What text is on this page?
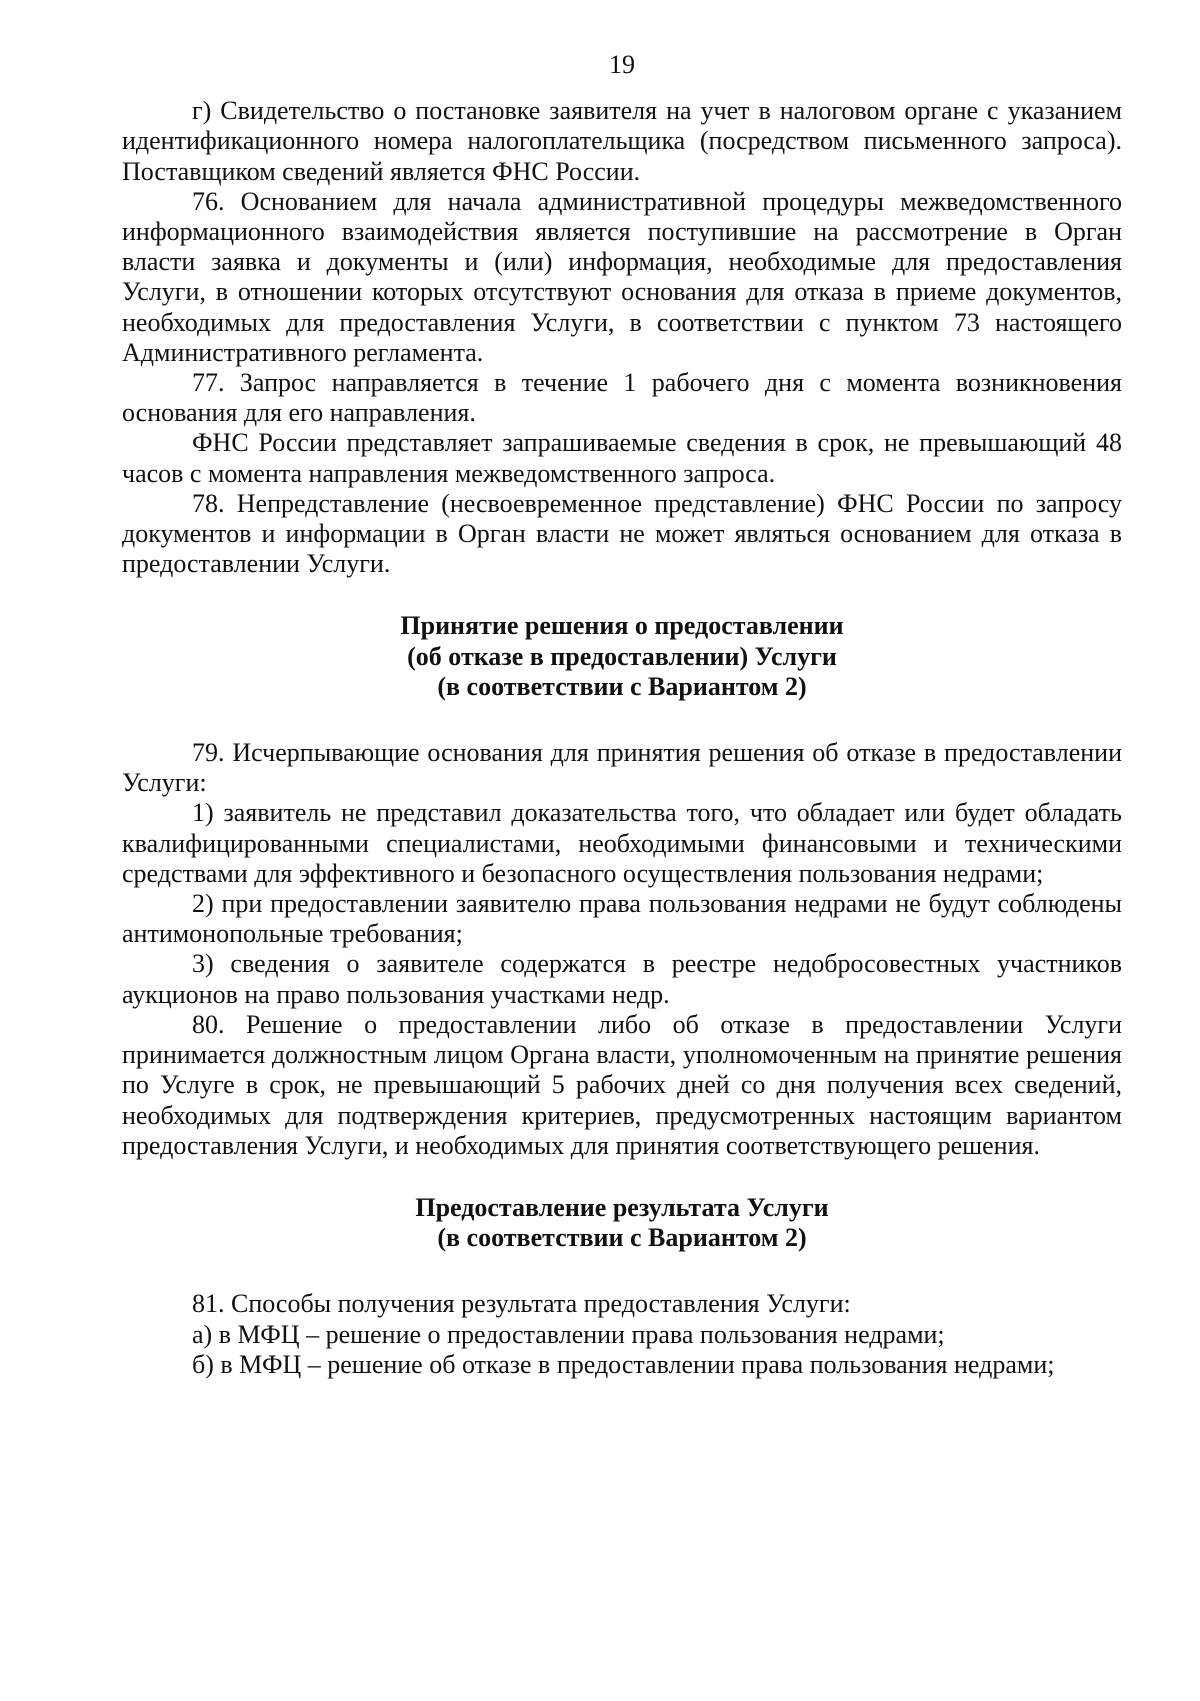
19

г) Свидетельство о постановке заявителя на учет в налоговом органе с указанием идентификационного номера налогоплательщика (посредством письменного запроса). Поставщиком сведений является ФНС России.

76. Основанием для начала административной процедуры межведомственного информационного взаимодействия является поступившие на рассмотрение в Орган власти заявка и документы и (или) информация, необходимые для предоставления Услуги, в отношении которых отсутствуют основания для отказа в приеме документов, необходимых для предоставления Услуги, в соответствии с пунктом 73 настоящего Административного регламента.

77. Запрос направляется в течение 1 рабочего дня с момента возникновения основания для его направления.

ФНС России представляет запрашиваемые сведения в срок, не превышающий 48 часов с момента направления межведомственного запроса.

78. Непредставление (несвоевременное представление) ФНС России по запросу документов и информации в Орган власти не может являться основанием для отказа в предоставлении Услуги.

Принятие решения о предоставлении
(об отказе в предоставлении) Услуги
(в соответствии с Вариантом 2)

79. Исчерпывающие основания для принятия решения об отказе в предоставлении Услуги:

1) заявитель не представил доказательства того, что обладает или будет обладать квалифицированными специалистами, необходимыми финансовыми и техническими средствами для эффективного и безопасного осуществления пользования недрами;

2) при предоставлении заявителю права пользования недрами не будут соблюдены антимонопольные требования;

3) сведения о заявителе содержатся в реестре недобросовестных участников аукционов на право пользования участками недр.

80. Решение о предоставлении либо об отказе в предоставлении Услуги принимается должностным лицом Органа власти, уполномоченным на принятие решения по Услуге в срок, не превышающий 5 рабочих дней со дня получения всех сведений, необходимых для подтверждения критериев, предусмотренных настоящим вариантом предоставления Услуги, и необходимых для принятия соответствующего решения.

Предоставление результата Услуги
(в соответствии с Вариантом 2)

81. Способы получения результата предоставления Услуги:

а) в МФЦ – решение о предоставлении права пользования недрами;

б) в МФЦ – решение об отказе в предоставлении права пользования недрами;
